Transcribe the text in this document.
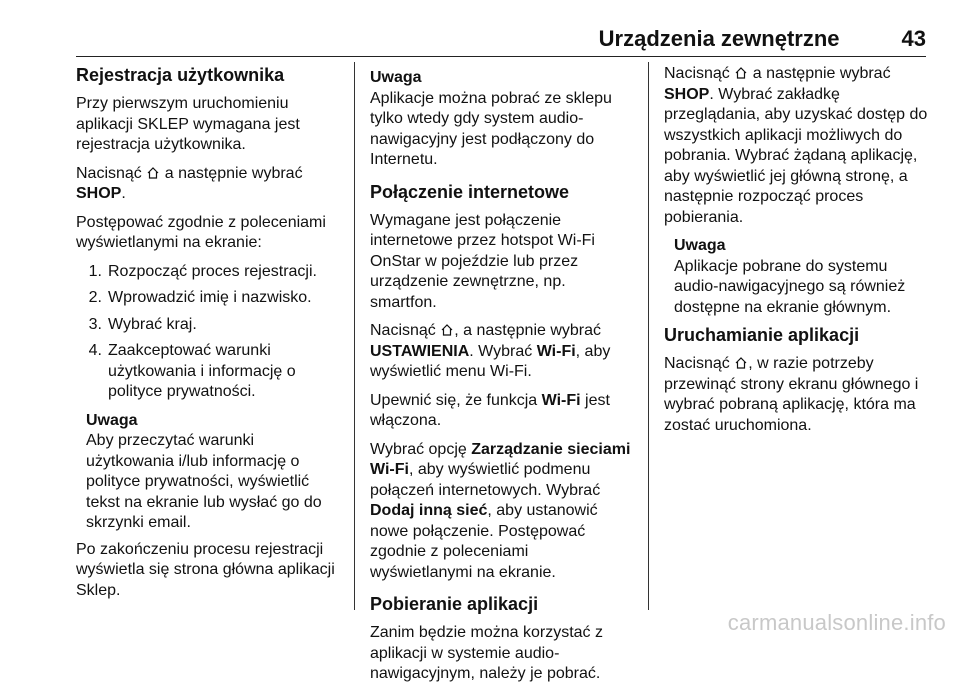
Urządzenia zewnętrzne	43
Rejestracja użytkownika

Przy pierwszym uruchomieniu aplikacji SKLEP wymagana jest rejestracja użytkownika.

Nacisnąć a następnie wybrać
SHOP.

Postępować zgodnie z poleceniami wyświetlanymi na ekranie:

1. Rozpocząć proces rejestracji.
2. Wprowadzić imię i nazwisko.
3. Wybrać kraj.
4. Zaakceptować warunki użytkowania i informację o polityce prywatności.
Uwaga
Aby przeczytać warunki użytkowania i/lub informację o polityce prywatności, wyświetlić tekst na ekranie lub wysłać go do skrzynki email.

Po zakończeniu procesu rejestracji wyświetla się strona główna aplikacji Sklep.

Uwaga
Aplikacje można pobrać ze sklepu tylko wtedy gdy system audio-nawigacyjny jest podłączony do Internetu.
Połączenie internetowe

Wymagane jest połączenie internetowe przez hotspot Wi-Fi OnStar w pojeździe lub przez urządzenie zewnętrzne, np. smartfon.

Nacisnąć , a następnie wybrać USTAWIENIA. Wybrać Wi-Fi, aby wyświetlić menu Wi-Fi.

Upewnić się, że funkcja Wi-Fi jest włączona.

Wybrać opcję Zarządzanie sieciami Wi-Fi, aby wyświetlić podmenu połączeń internetowych. Wybrać Dodaj inną sieć, aby ustanowić nowe połączenie. Postępować zgodnie z poleceniami wyświetlanymi na ekranie.

Pobieranie aplikacji

Zanim będzie można korzystać z aplikacji w systemie audio-nawigacyjnym, należy je pobrać.

Nacisnąć a następnie wybrać
SHOP. Wybrać zakładkę przeglądania, aby uzyskać dostęp do wszystkich aplikacji możliwych do pobrania. Wybrać żądaną aplikację, aby wyświetlić jej główną stronę, a następnie rozpocząć proces pobierania.

Uwaga
Aplikacje pobrane do systemu audio-nawigacyjnego są również dostępne na ekranie głównym.
Uruchamianie aplikacji

Nacisnąć , w razie potrzeby przewinąć strony ekranu głównego i wybrać pobraną aplikację, która ma zostać uruchomiona.

carmanualsonline.info
